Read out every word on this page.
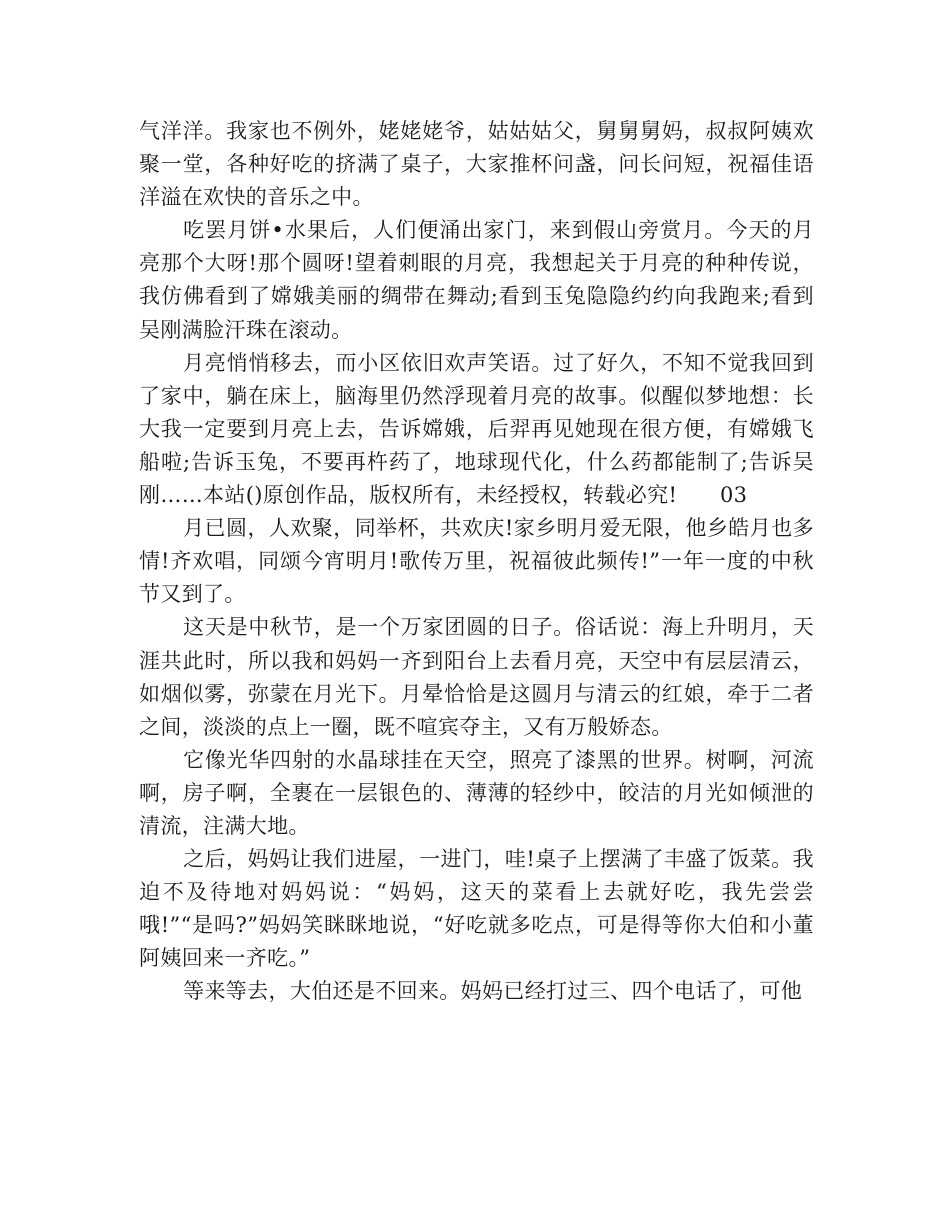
气洋洋。我家也不例外，姥姥姥爷，姑姑姑父，舅舅舅妈，叔叔阿姨欢聚一堂，各种好吃的挤满了桌子，大家推杯问盏，问长问短，祝福佳语洋溢在欢快的音乐之中。

吃罢月饼•水果后，人们便涌出家门，来到假山旁赏月。今天的月亮那个大呀!那个圆呀!望着刺眼的月亮，我想起关于月亮的种种传说，我仿佛看到了嫦娥美丽的绸带在舞动;看到玉兔隐隐约约向我跑来;看到吴刚满脸汗珠在滚动。

月亮悄悄移去，而小区依旧欢声笑语。过了好久，不知不觉我回到了家中，躺在床上，脑海里仍然浮现着月亮的故事。似醒似梦地想：长大我一定要到月亮上去，告诉嫦娥，后羿再见她现在很方便，有嫦娥飞船啦;告诉玉兔，不要再杵药了，地球现代化，什么药都能制了;告诉吴刚……本站()原创作品，版权所有，未经授权，转载必究!　　03

月已圆，人欢聚，同举杯，共欢庆!家乡明月爱无限，他乡皓月也多情!齐欢唱，同颂今宵明月!歌传万里，祝福彼此频传!”一年一度的中秋节又到了。

这天是中秋节，是一个万家团圆的日子。俗话说：海上升明月，天涯共此时，所以我和妈妈一齐到阳台上去看月亮，天空中有层层清云，如烟似雾，弥蒙在月光下。月晕恰恰是这圆月与清云的红娘，牵于二者之间，淡淡的点上一圈，既不喧宾夺主，又有万般娇态。

它像光华四射的水晶球挂在天空，照亮了漆黑的世界。树啊，河流啊，房子啊，全裹在一层银色的、薄薄的轻纱中，皎洁的月光如倾泄的清流，注满大地。

之后，妈妈让我们进屋，一进门，哇!桌子上摆满了丰盛了饭菜。我迫不及待地对妈妈说：“妈妈，这天的菜看上去就好吃，我先尝尝哦!”“是吗?”妈妈笑眯眯地说，“好吃就多吃点，可是得等你大伯和小董阿姨回来一齐吃。”

等来等去，大伯还是不回来。妈妈已经打过三、四个电话了，可他
